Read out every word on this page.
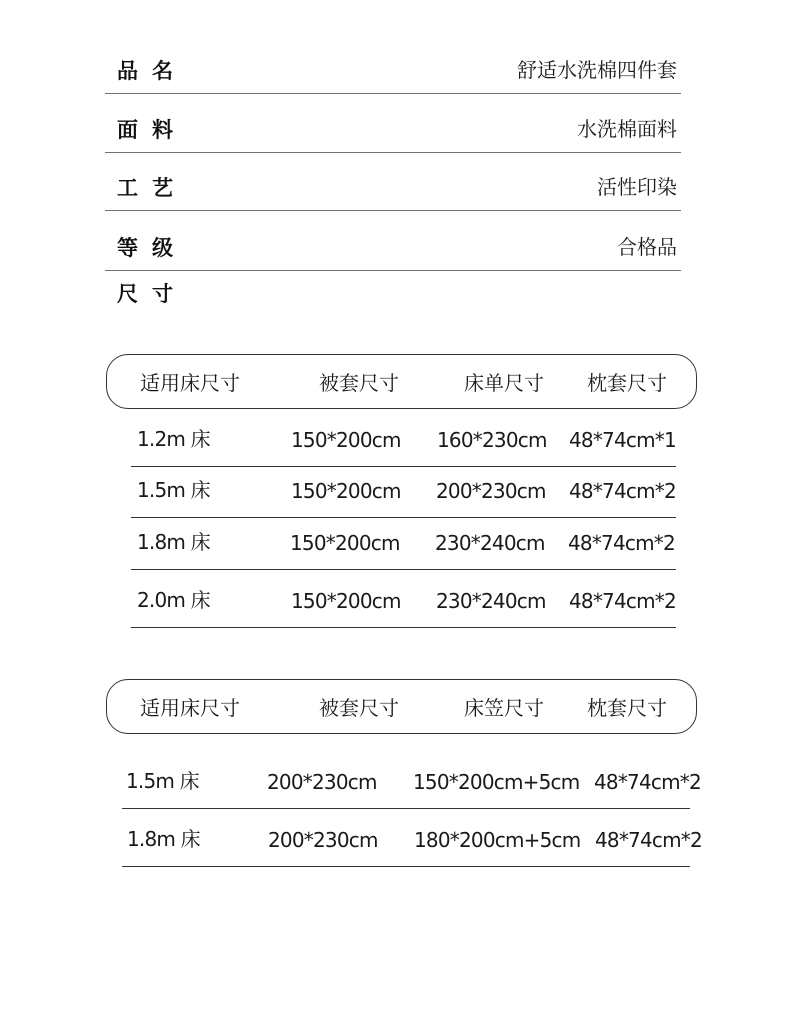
品名	舒适水洗棉四件套
面料	水洗棉面料
工艺	活性印染
等级	合格品
尺寸
适用床尺寸	被套尺寸	床单尺寸 枕套尺寸
1.2m 床	150*200cm 160*230cm 48*74cm*1
1.5m 床	150*200cm 200*230cm 48*74cm*2
1.8m 床	150*200cm 230*240cm 48*74cm*2
2.0m 床	150*200cm 230*240cm 48*74cm*2
适用床尺寸	被套尺寸	床笠尺寸 枕套尺寸
1.5m 床	200*230cm 150*200cm+5cm 48*74cm*2
1.8m 床	200*230cm 180*200cm+5cm 48*74cm*2
